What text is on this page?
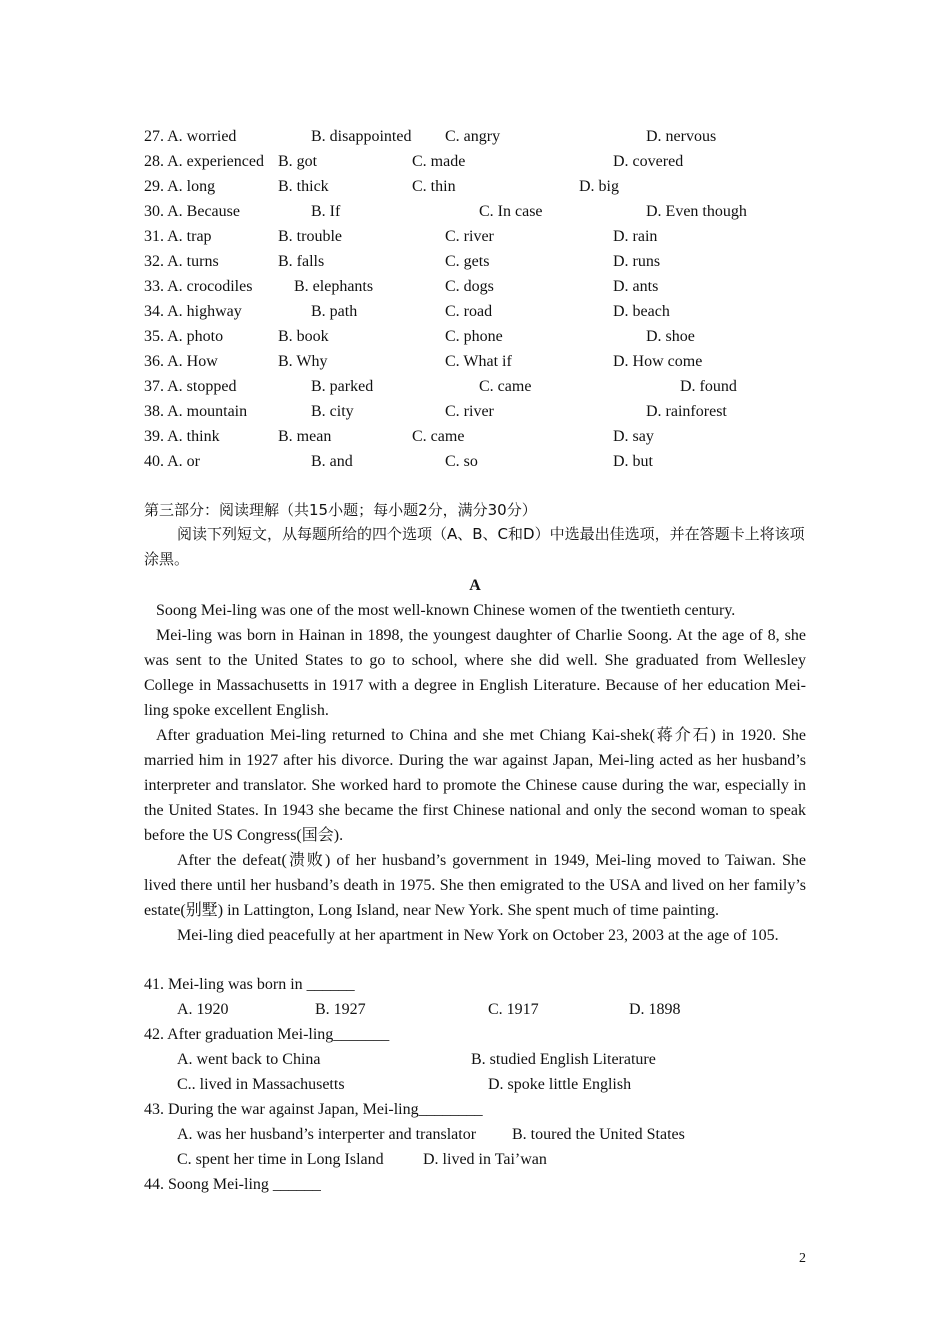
27. A. worried	B. disappointed C. angry	D. nervous
28. A. experienced B. got	C. made	D. covered
29. A. long	B. thick	C. thin	D. big
30. A. Because	B. If	C. In case	D. Even though
31. A. trap	B. trouble	C. river	D. rain
32. A. turns	B. falls	C. gets	D. runs
33. A. crocodiles	B. elephants	C. dogs	D. ants
34. A. highway	B. path	C. road	D. beach
35. A. photo	B. book	C. phone	D. shoe
36. A. How	B. Why	C. What if	D. How come
37. A. stopped	B. parked	C. came	D. found
38. A. mountain	B. city	C. river	D. rainforest
39. A. think	B. mean	C. came	D. say
40. A. or	B. and	C. so	D. but
第三部分：阅读理解（共15小题；每小题2分，满分30分）
阅读下列短文，从每题所给的四个选项（A、B、C和D）中选最出佳选项，并在答题卡上将该项涂黑。
A
Soong Mei-ling was one of the most well-known Chinese women of the twentieth century.
Mei-ling was born in Hainan in 1898, the youngest daughter of Charlie Soong. At the age of 8, she was sent to the United States to go to school, where she did well. She graduated from Wellesley College in Massachusetts in 1917 with a degree in English Literature. Because of her education Mei-ling spoke excellent English.
After graduation Mei-ling returned to China and she met Chiang Kai-shek(蒋介石) in 1920. She married him in 1927 after his divorce. During the war against Japan, Mei-ling acted as her husband’s interpreter and translator. She worked hard to promote the Chinese cause during the war, especially in the United States. In 1943 she became the first Chinese national and only the second woman to speak before the US Congress(国会).
After the defeat(溃败) of her husband’s government in 1949, Mei-ling moved to Taiwan. She lived there until her husband’s death in 1975. She then emigrated to the USA and lived on her family’s estate(别墅) in Lattington, Long Island, near New York. She spent much of time painting.
Mei-ling died peacefully at her apartment in New York on October 23, 2003 at the age of 105.
41. Mei-ling was born in ______
A. 1920	B. 1927	C. 1917	D. 1898
42. After graduation Mei-ling_______
A. went back to China	B. studied English Literature
C.. lived in Massachusetts	D. spoke little English
43. During the war against Japan, Mei-ling________
A. was her husband’s interperter and translator B. toured the United States
C. spent her time in Long Island D. lived in Tai’wan
44. Soong Mei-ling ______
2
